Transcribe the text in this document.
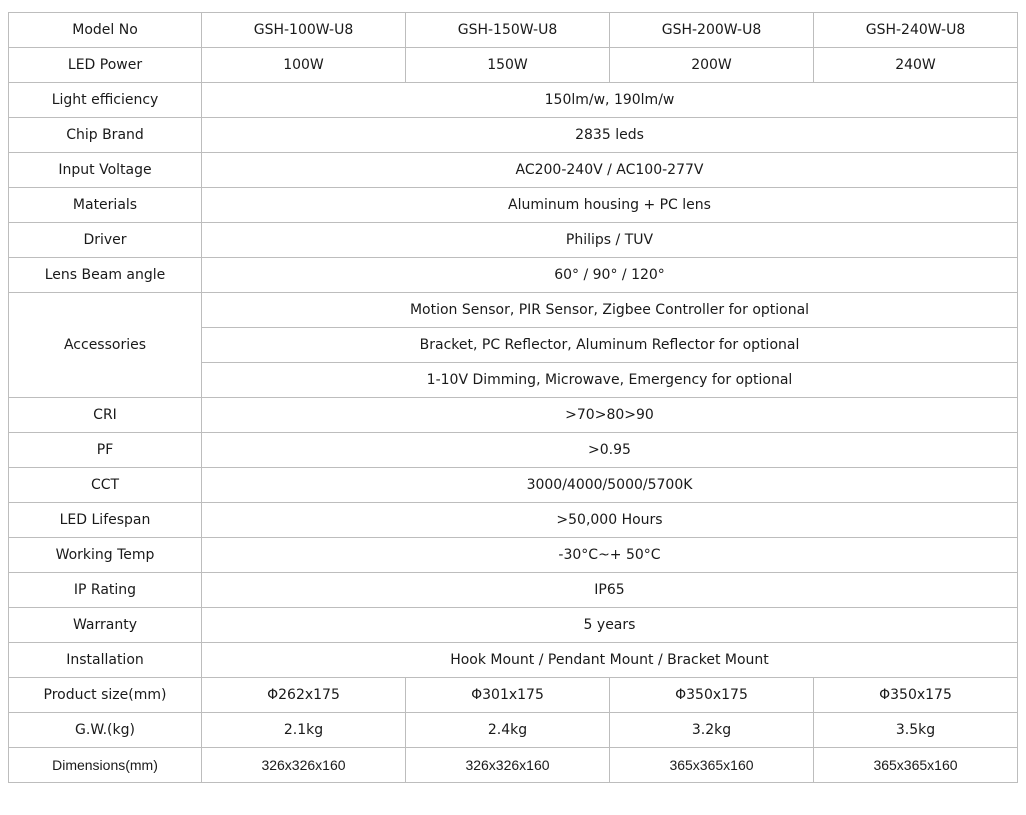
Model No	GSH-100W-U8	GSH-150W-U8	GSH-200W-U8	GSH-240W-U8
LED Power	100W	150W	200W	240W
Light efficiency	150lm/w, 190lm/w			
Chip Brand	2835 leds			
Input Voltage	AC200-240V / AC100-277V			
Materials	Aluminum housing + PC lens			
Driver	Philips / TUV			
Lens Beam angle	60° / 90° / 120°			
Accessories	Motion Sensor, PIR Sensor, Zigbee Controller for optional			
	Bracket, PC Reflector, Aluminum Reflector for optional			
	1-10V Dimming, Microwave, Emergency for optional			
CRI	>70>80>90			
PF	>0.95			
CCT	3000/4000/5000/5700K			
LED Lifespan	>50,000 Hours			
Working Temp	-30°C~+ 50°C			
IP Rating	IP65			
Warranty	5 years			
Installation	Hook Mount / Pendant Mount / Bracket Mount			
Product size(mm)	Φ262x175	Φ301x175	Φ350x175	Φ350x175
G.W.(kg)	2.1kg	2.4kg	3.2kg	3.5kg
Dimensions(mm)	326x326x160	326x326x160	365x365x160	365x365x160
